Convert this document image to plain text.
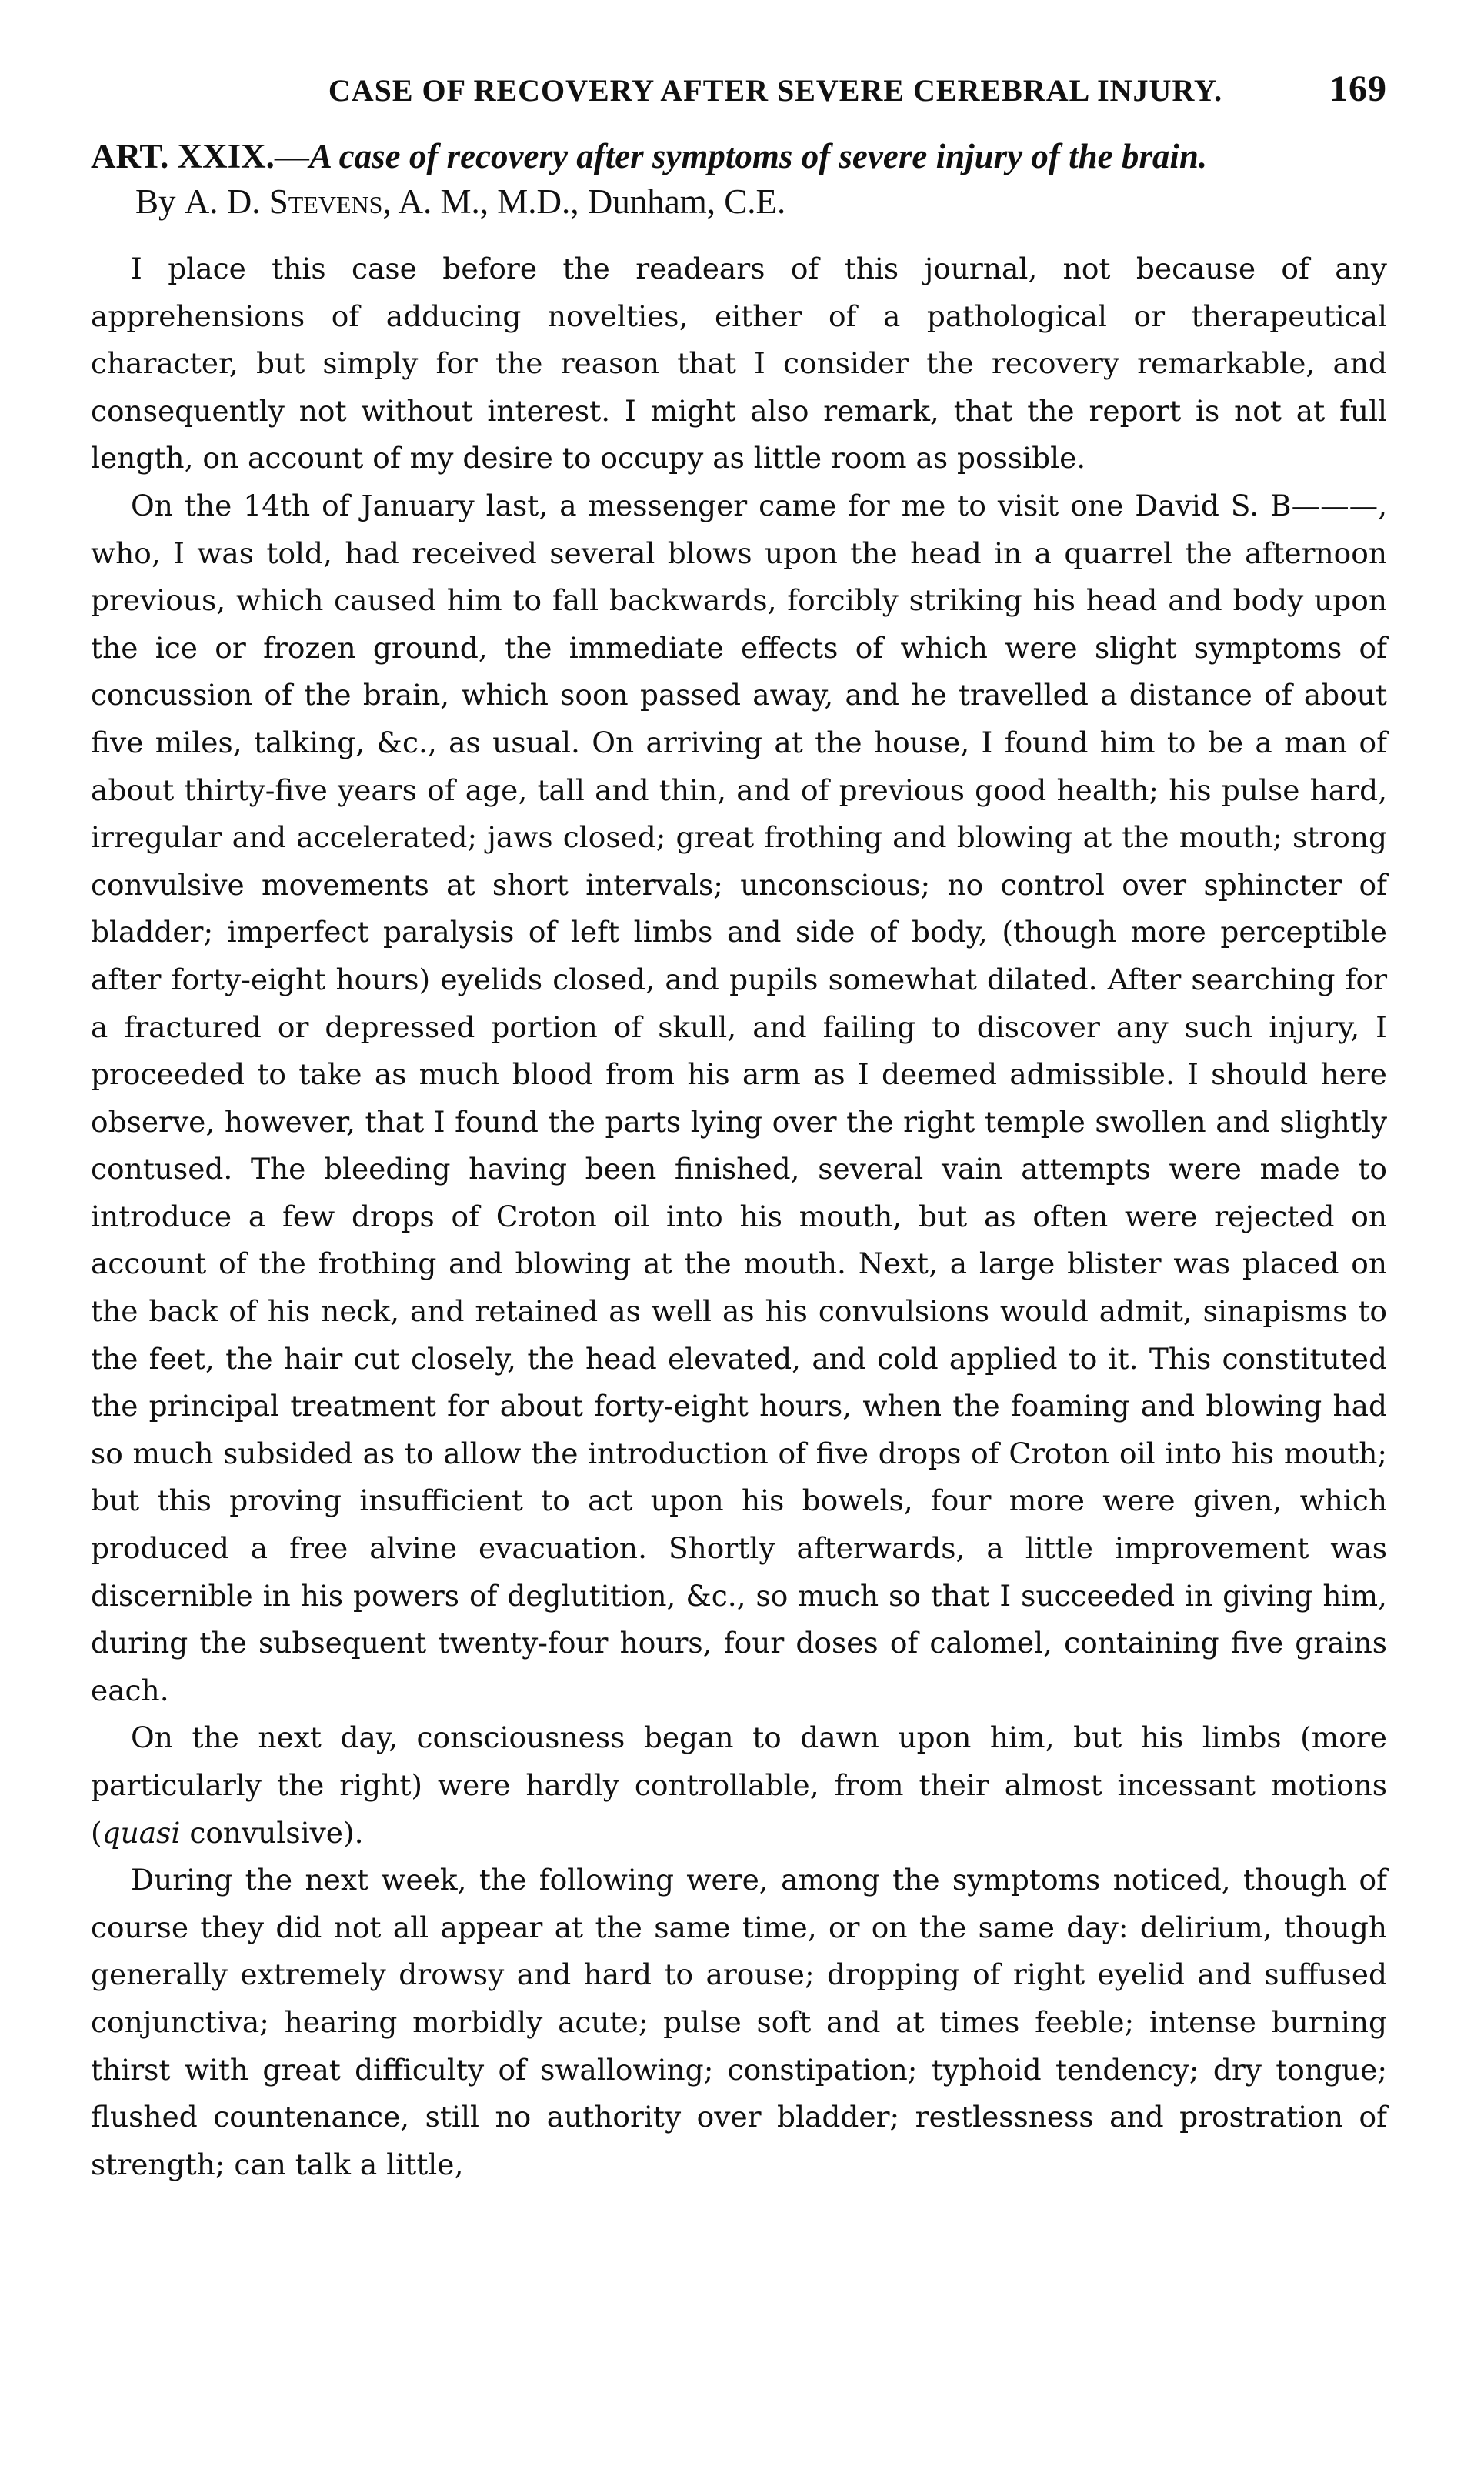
CASE OF RECOVERY AFTER SEVERE CEREBRAL INJURY.	169
ART. XXIX.—A case of recovery after symptoms of severe injury of the brain.
By A. D. Stevens, A. M., M.D., Dunham, C.E.

I place this case before the readears of this journal, not because of any apprehensions of adducing novelties, either of a pathological or therapeutical character, but simply for the reason that I consider the recovery remarkable, and consequently not without interest. I might also remark, that the report is not at full length, on account of my desire to occupy as little room as possible.

On the 14th of January last, a messenger came for me to visit one David S. B———, who, I was told, had received several blows upon the head in a quarrel the afternoon previous, which caused him to fall backwards, forcibly striking his head and body upon the ice or frozen ground, the immediate effects of which were slight symptoms of concussion of the brain, which soon passed away, and he travelled a distance of about five miles, talking, &c., as usual. On arriving at the house, I found him to be a man of about thirty-five years of age, tall and thin, and of previous good health; his pulse hard, irregular and accelerated; jaws closed; great frothing and blowing at the mouth; strong convulsive movements at short intervals; unconscious; no control over sphincter of bladder; imperfect paralysis of left limbs and side of body, (though more perceptible after forty-eight hours) eyelids closed, and pupils somewhat dilated. After searching for a fractured or depressed portion of skull, and failing to discover any such injury, I proceeded to take as much blood from his arm as I deemed admissible. I should here observe, however, that I found the parts lying over the right temple swollen and slightly contused. The bleeding having been finished, several vain attempts were made to introduce a few drops of Croton oil into his mouth, but as often were rejected on account of the frothing and blowing at the mouth. Next, a large blister was placed on the back of his neck, and retained as well as his convulsions would admit, sinapisms to the feet, the hair cut closely, the head elevated, and cold applied to it. This constituted the principal treatment for about forty-eight hours, when the foaming and blowing had so much subsided as to allow the introduction of five drops of Croton oil into his mouth; but this proving insufficient to act upon his bowels, four more were given, which produced a free alvine evacuation. Shortly afterwards, a little improvement was discernible in his powers of deglutition, &c., so much so that I succeeded in giving him, during the subsequent twenty-four hours, four doses of calomel, containing five grains each.

On the next day, consciousness began to dawn upon him, but his limbs (more particularly the right) were hardly controllable, from their almost incessant motions (quasi convulsive).

During the next week, the following were, among the symptoms noticed, though of course they did not all appear at the same time, or on the same day: delirium, though generally extremely drowsy and hard to arouse; dropping of right eyelid and suffused conjunctiva; hearing morbidly acute; pulse soft and at times feeble; intense burning thirst with great difficulty of swallowing; constipation; typhoid tendency; dry tongue; flushed countenance, still no authority over bladder; restlessness and prostration of strength; can talk a little,
